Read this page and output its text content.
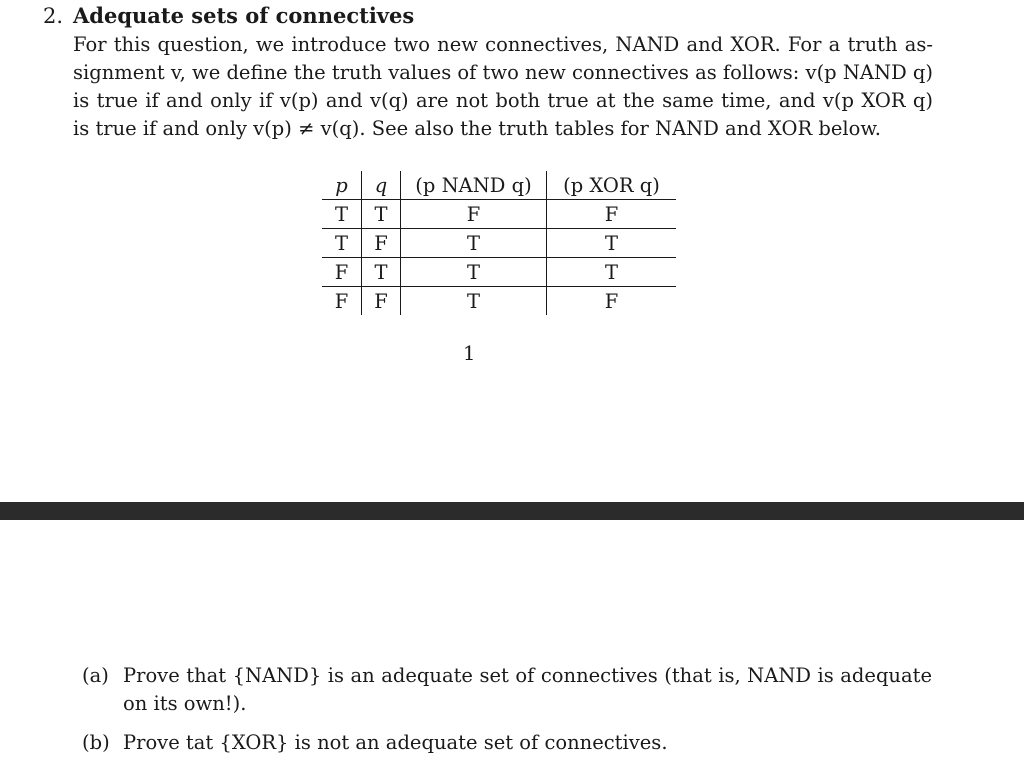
2. Adequate sets of connectives
For this question, we introduce two new connectives, NAND and XOR. For a truth as-
signment v, we define the truth values of two new connectives as follows: v(p NAND q)
is true if and only if v(p) and v(q) are not both true at the same time, and v(p XOR q)
is true if and only v(p) ≠ v(q). See also the truth tables for NAND and XOR below.
p	q	(p NAND q)	(p XOR q)
T	T	F	F
T	F	T	T
F	T	T	T
F	F	T	F
1
(a) Prove that {NAND} is an adequate set of connectives (that is, NAND is adequate
on its own!).
(b) Prove tat {XOR} is not an adequate set of connectives.
